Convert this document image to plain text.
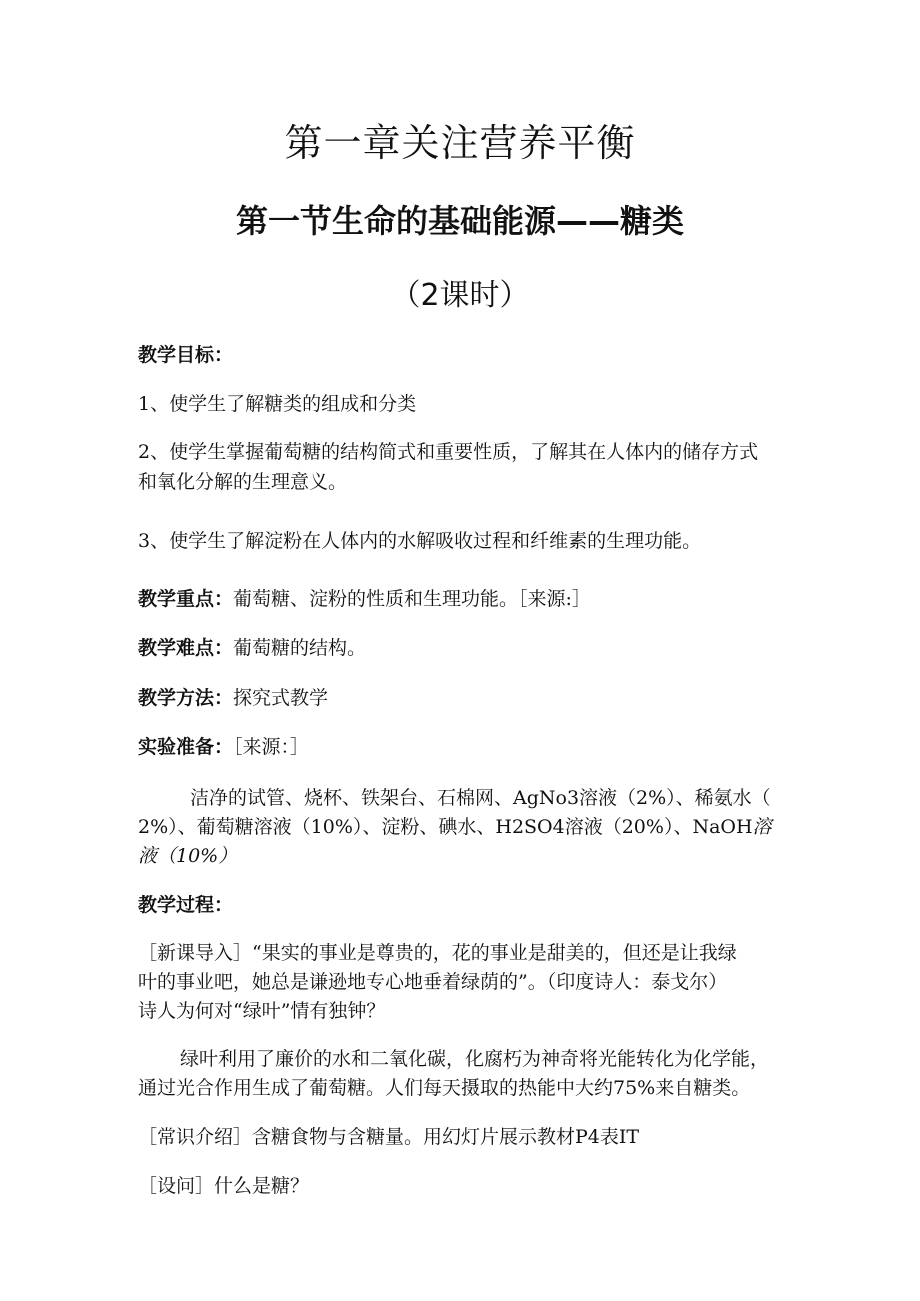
第一章关注营养平衡
第一节生命的基础能源——糖类
（2课时）
教学目标：
1、使学生了解糖类的组成和分类
2、使学生掌握葡萄糖的结构简式和重要性质，了解其在人体内的储存方式
和氧化分解的生理意义。
3、使学生了解淀粉在人体内的水解吸收过程和纤维素的生理功能。
教学重点：葡萄糖、淀粉的性质和生理功能。［来源:］
教学难点：葡萄糖的结构。
教学方法：探究式教学
实验准备：［来源：］
洁净的试管、烧杯、铁架台、石棉网、AgNo3溶液（2%）、稀氨水（
2%）、葡萄糖溶液（10%）、淀粉、碘水、H2SO4溶液（20%）、NaOH溶
液（10%）
教学过程：
［新课导入］“果实的事业是尊贵的，花的事业是甜美的，但还是让我绿
叶的事业吧，她总是谦逊地专心地垂着绿荫的”。（印度诗人：泰戈尔）
诗人为何对“绿叶”情有独钟？
绿叶利用了廉价的水和二氧化碳，化腐朽为神奇将光能转化为化学能，
通过光合作用生成了葡萄糖。人们每天摄取的热能中大约75%来自糖类。
［常识介绍］含糖食物与含糖量。用幻灯片展示教材P4表IT
［设问］什么是糖？
